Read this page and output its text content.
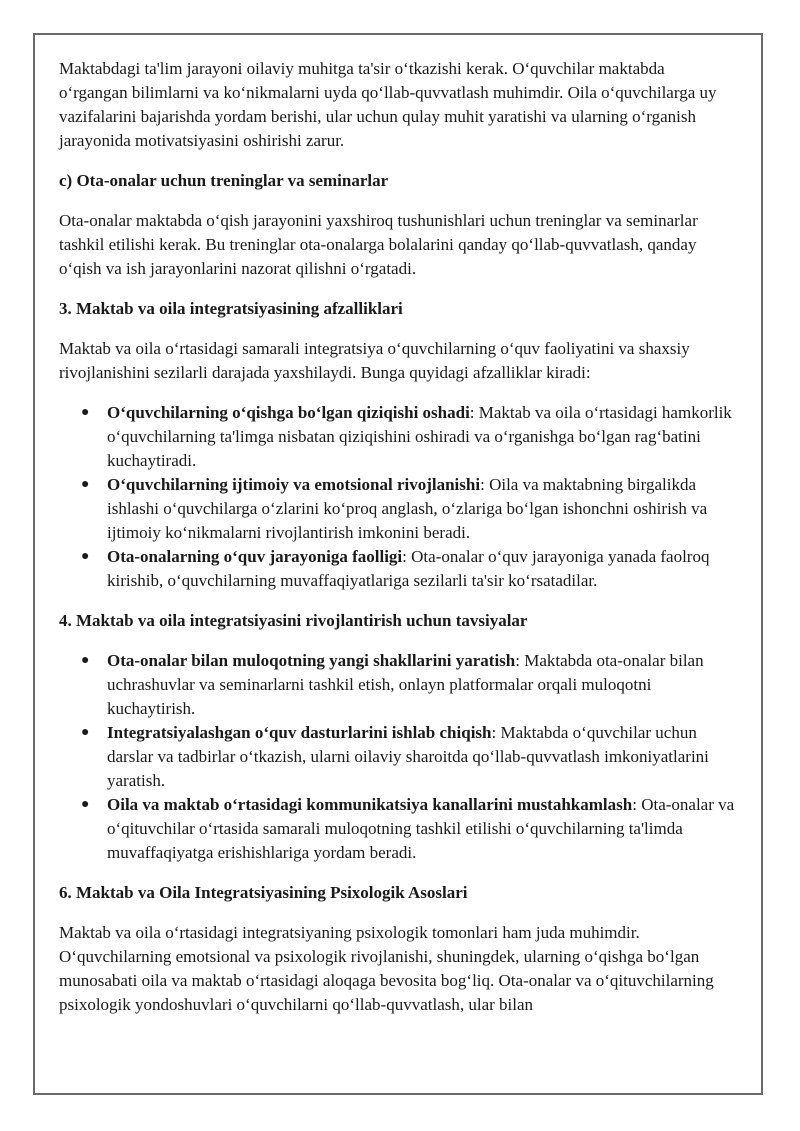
Maktabdagi ta'lim jarayoni oilaviy muhitga ta'sir oʻtkazishi kerak. Oʻquvchilar maktabda oʻrgangan bilimlarni va koʻnikmalarni uyda qoʻllab-quvvatlash muhimdir. Oila oʻquvchilarga uy vazifalarini bajarishda yordam berishi, ular uchun qulay muhit yaratishi va ularning oʻrganish jarayonida motivatsiyasini oshirishi zarur.

c) Ota-onalar uchun treninglar va seminarlar

Ota-onalar maktabda oʻqish jarayonini yaxshiroq tushunishlari uchun treninglar va seminarlar tashkil etilishi kerak. Bu treninglar ota-onalarga bolalarini qanday qoʻllab-quvvatlash, qanday oʻqish va ish jarayonlarini nazorat qilishni oʻrgatadi.

3. Maktab va oila integratsiyasining afzalliklari

Maktab va oila oʻrtasidagi samarali integratsiya oʻquvchilarning oʻquv faoliyatini va shaxsiy rivojlanishini sezilarli darajada yaxshilaydi. Bunga quyidagi afzalliklar kiradi:

● Oʻquvchilarning oʻqishga boʻlgan qiziqishi oshadi: Maktab va oila oʻrtasidagi hamkorlik oʻquvchilarning ta'limga nisbatan qiziqishini oshiradi va oʻrganishga boʻlgan ragʻbatini kuchaytiradi.
● Oʻquvchilarning ijtimoiy va emotsional rivojlanishi: Oila va maktabning birgalikda ishlashi oʻquvchilarga oʻzlarini koʻproq anglash, oʻzlariga boʻlgan ishonchni oshirish va ijtimoiy koʻnikmalarni rivojlantirish imkonini beradi.
● Ota-onalarning oʻquv jarayoniga faolligi: Ota-onalar oʻquv jarayoniga yanada faolroq kirishib, oʻquvchilarning muvaffaqiyatlariga sezilarli ta'sir koʻrsatadilar.
4. Maktab va oila integratsiyasini rivojlantirish uchun tavsiyalar
● Ota-onalar bilan muloqotning yangi shakllarini yaratish: Maktabda ota-onalar bilan uchrashuvlar va seminarlarni tashkil etish, onlayn platformalar orqali muloqotni kuchaytirish.
● Integratsiyalashgan oʻquv dasturlarini ishlab chiqish: Maktabda oʻquvchilar uchun darslar va tadbirlar oʻtkazish, ularni oilaviy sharoitda qoʻllab-quvvatlash imkoniyatlarini yaratish.
● Oila va maktab oʻrtasidagi kommunikatsiya kanallarini mustahkamlash: Ota-onalar va oʻqituvchilar oʻrtasida samarali muloqotning tashkil etilishi oʻquvchilarning ta'limda muvaffaqiyatga erishishlariga yordam beradi.
6. Maktab va Oila Integratsiyasining Psixologik Asoslari

Maktab va oila oʻrtasidagi integratsiyaning psixologik tomonlari ham juda muhimdir. Oʻquvchilarning emotsional va psixologik rivojlanishi, shuningdek, ularning oʻqishga boʻlgan munosabati oila va maktab oʻrtasidagi aloqaga bevosita bogʻliq. Ota-onalar va oʻqituvchilarning psixologik yondoshuvlari oʻquvchilarni qoʻllab-quvvatlash, ular bilan
